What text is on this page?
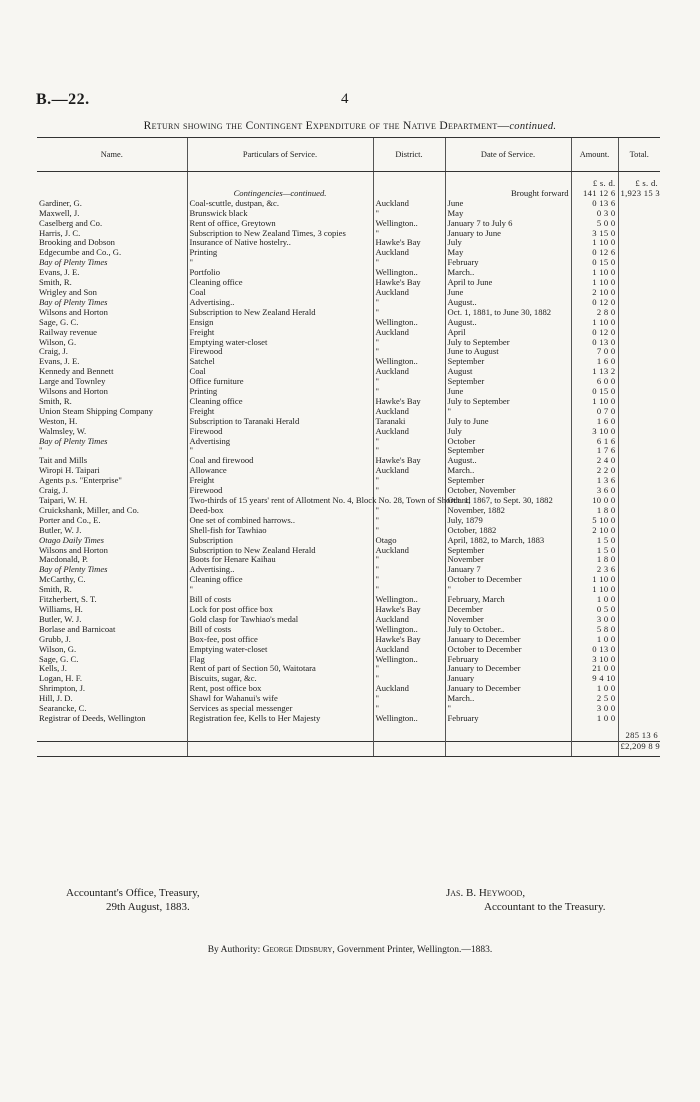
B.—22.	4
Return showing the Contingent Expenditure of the Native Department—continued.
Name.	Particulars of Service.	District.	Date of Service.	Amount.	Total.
				£ s. d.	£ s. d.
	Contingencies—continued.		Brought forward	141 12 6	1,923 15 3
Gardiner, G.	Coal-scuttle, dustpan, &c.	Auckland	June	0 13 6	
Maxwell, J.	Brunswick black	"	May	0 3 0	
Caselberg and Co.	Rent of office, Greytown	Wellington..	January 7 to July 6	5 0 0	
Harris, J. C.	Subscription to New Zealand Times, 3 copies	"	January to June	3 15 0	
Brooking and Dobson	Insurance of Native hostelry..	Hawke's Bay	July	1 10 0	
Edgecumbe and Co., G.	Printing	Auckland	May	0 12 6	
Bay of Plenty Times	"	"	February	0 15 0	
Evans, J. E.	Portfolio	Wellington..	March..	1 10 0	
Smith, R.	Cleaning office	Hawke's Bay	April to June	1 10 0	
Wrigley and Son	Coal	Auckland	June	2 10 0	
Bay of Plenty Times	Advertising..	"	August..	0 12 0	
Wilsons and Horton	Subscription to New Zealand Herald	"	Oct. 1, 1881, to June 30, 1882	2 8 0	
Sage, G. C.	Ensign	Wellington..	August..	1 10 0	
Railway revenue	Freight	Auckland	April	0 12 0	
Wilson, G.	Emptying water-closet	"	July to September	0 13 0	
Craig, J.	Firewood	"	June to August	7 0 0	
Evans, J. E.	Satchel	Wellington..	September	1 6 0	
Kennedy and Bennett	Coal	Auckland	August	1 13 2	
Large and Townley	Office furniture	"	September	6 0 0	
Wilsons and Horton	Printing	"	June	0 15 0	
Smith, R.	Cleaning office	Hawke's Bay	July to September	1 10 0	
Union Steam Shipping Company	Freight	Auckland	"	0 7 0	
Weston, H.	Subscription to Taranaki Herald	Taranaki	July to June	1 6 0	
Walmsley, W.	Firewood	Auckland	July	3 10 0	
Bay of Plenty Times	Advertising	"	October	6 1 6	
"	"	"	September	1 7 6	
Tait and Mills	Coal and firewood	Hawke's Bay	August..	2 4 0	
Wiropi H. Taipari	Allowance	Auckland	March..	2 2 0	
Agents p.s. "Enterprise"	Freight	"	September	1 3 6	
Craig, J.	Firewood	"	October, November	3 6 0	
Taipari, W. H.	Two-thirds of 15 years' rent of Allotment No. 4, Block No. 28, Town of Shortland		Oct. 1, 1867, to Sept. 30, 1882	10 0 0	
Cruickshank, Miller, and Co.	Deed-box	"	November, 1882	1 8 0	
Porter and Co., E.	One set of combined harrows..	"	July, 1879	5 10 0	
Butler, W. J.	Shell-fish for Tawhiao	"	October, 1882	2 10 0	
Otago Daily Times	Subscription	Otago	April, 1882, to March, 1883	1 5 0	
Wilsons and Horton	Subscription to New Zealand Herald	Auckland	September	1 5 0	
Macdonald, P.	Boots for Henare Kaihau	"	November	1 8 0	
Bay of Plenty Times	Advertising..	"	January 7	2 3 6	
McCarthy, C.	Cleaning office	"	October to December	1 10 0	
Smith, R.	"	"	"	1 10 0	
Fitzherbert, S. T.	Bill of costs	Wellington..	February, March	1 0 0	
Williams, H.	Lock for post office box	Hawke's Bay	December	0 5 0	
Butler, W. J.	Gold clasp for Tawhiao's medal	Auckland	November	3 0 0	
Borlase and Barnicoat	Bill of costs	Wellington..	July to October..	5 8 0	
Grubb, J.	Box-fee, post office	Hawke's Bay	January to December	1 0 0	
Wilson, G.	Emptying water-closet	Auckland	October to December	0 13 0	
Sage, G. C.	Flag	Wellington..	February	3 10 0	
Kells, J.	Rent of part of Section 50, Waitotara	"	January to December	21 0 0	
Logan, H. F.	Biscuits, sugar, &c.	"	January	9 4 10	
Shrimpton, J.	Rent, post office box	Auckland	January to December	1 0 0	
Hill, J. D.	Shawl for Wahanui's wife	"	March..	2 5 0	
Searancke, C.	Services as special messenger	"	"	3 0 0	
Registrar of Deeds, Wellington	Registration fee, Kells to Her Majesty	Wellington..	February	1 0 0	
					285 13 6
					£2,209 8 9
Accountant's Office, Treasury,
29th August, 1883.
Jas. B. Heywood,
Accountant to the Treasury.
By Authority: George Didsbury, Government Printer, Wellington.—1883.
